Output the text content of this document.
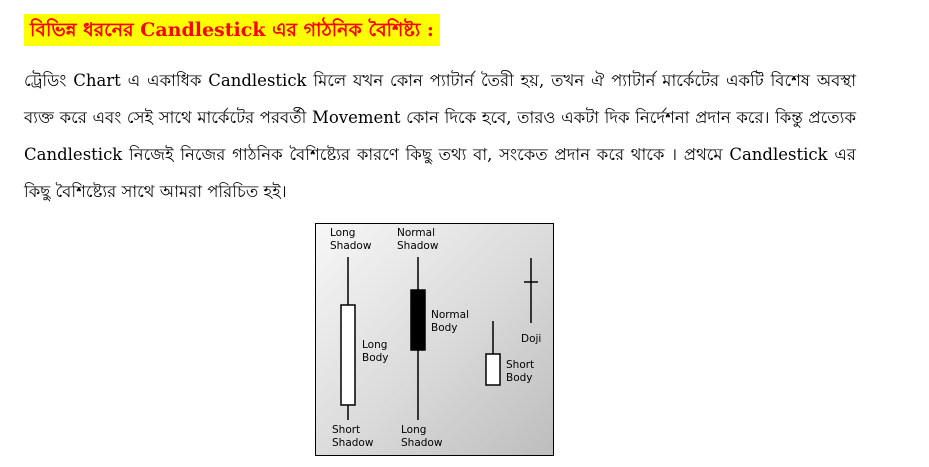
বিভিন্ন ধরনের Candlestick এর গাঠনিক বৈশিষ্ট্য :
ট্রেডিং Chart এ একাধিক Candlestick মিলে যখন কোন প্যাটার্ন তৈরী হয়, তখন ঐ প্যাটার্ন মার্কেটের একটি বিশেষ অবস্থা ব্যক্ত করে এবং সেই সাথে মার্কেটের পরবর্তী Movement কোন দিকে হবে, তারও একটা দিক নির্দেশনা প্রদান করে। কিন্তু প্রত্যেক Candlestick নিজেই নিজের গাঠনিক বৈশিষ্ট্যের কারণে কিছু তথ্য বা, সংকেত প্রদান করে থাকে । প্রথমে Candlestick এর কিছু বৈশিষ্ট্যের সাথে আমরা পরিচিত হই।
Long
Shadow
Normal
Shadow
Normal
Body
Long
Body
Doji
Short
Body
Short
Shadow
Long
Shadow
